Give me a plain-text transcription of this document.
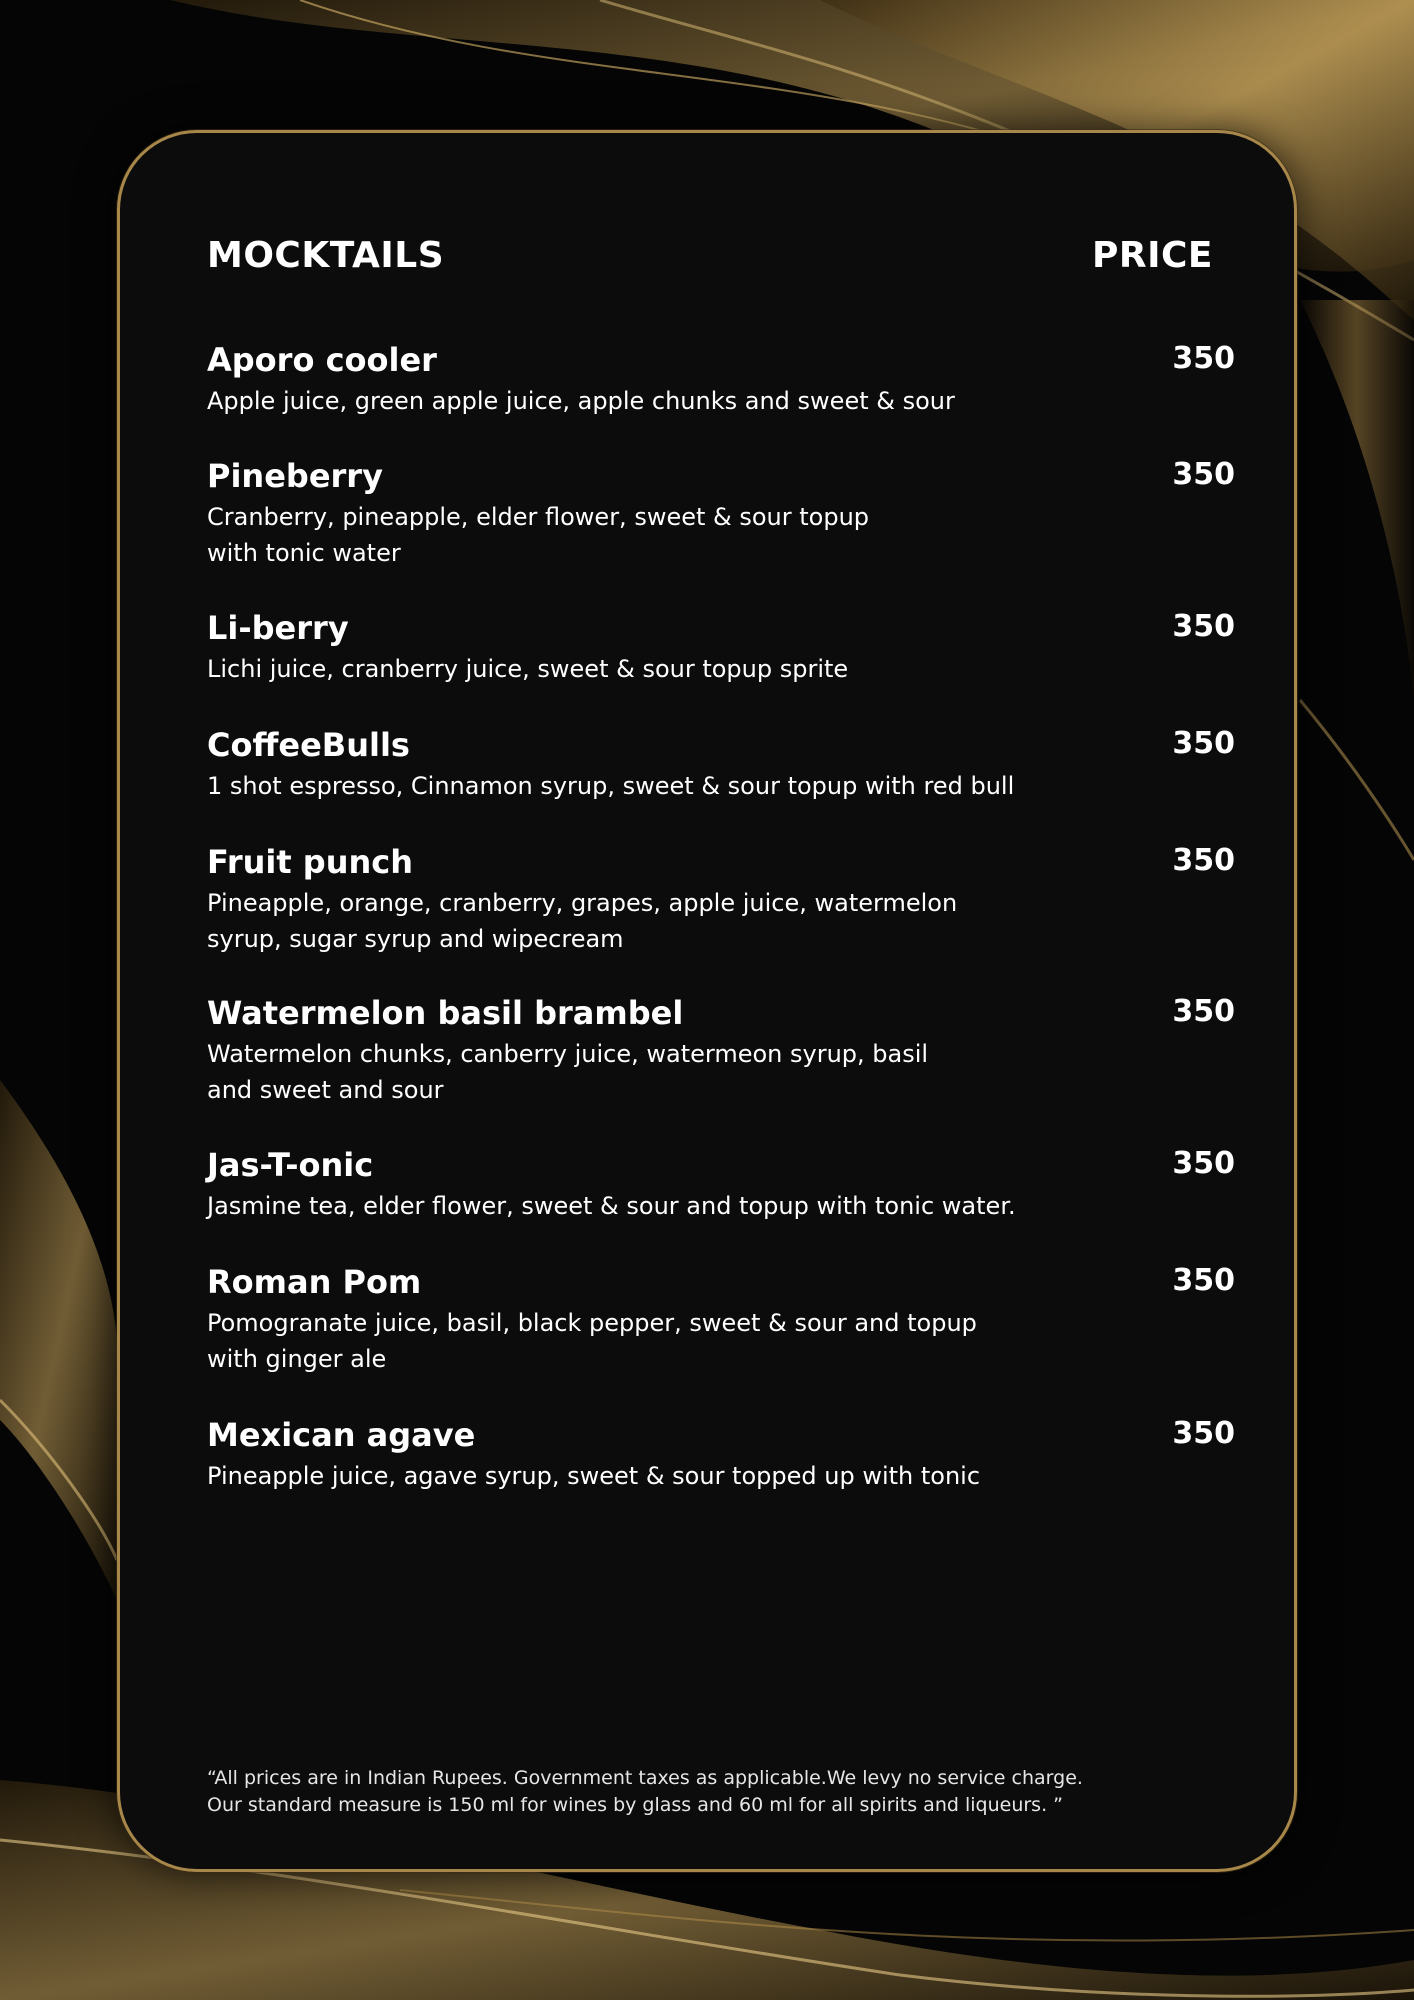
MOCKTAILS	PRICE
Aporo cooler	350
Apple juice, green apple juice, apple chunks and sweet & sour
Pineberry	350
Cranberry, pineapple, elder flower, sweet & sour topup
with tonic water
Li-berry	350
Lichi juice, cranberry juice, sweet & sour topup sprite
CoffeeBulls	350
1 shot espresso, Cinnamon syrup, sweet & sour topup with red bull
Fruit punch	350
Pineapple, orange, cranberry, grapes, apple juice, watermelon
syrup, sugar syrup and wipecream
Watermelon basil brambel	350
Watermelon chunks, canberry juice, watermeon syrup, basil
and sweet and sour
Jas-T-onic	350
Jasmine tea, elder flower, sweet & sour and topup with tonic water.
Roman Pom	350
Pomogranate juice, basil, black pepper, sweet & sour and topup
with ginger ale
Mexican agave	350
Pineapple juice, agave syrup, sweet & sour topped up with tonic
“All prices are in Indian Rupees. Government taxes as applicable.We levy no service charge.
Our standard measure is 150 ml for wines by glass and 60 ml for all spirits and liqueurs. ”
